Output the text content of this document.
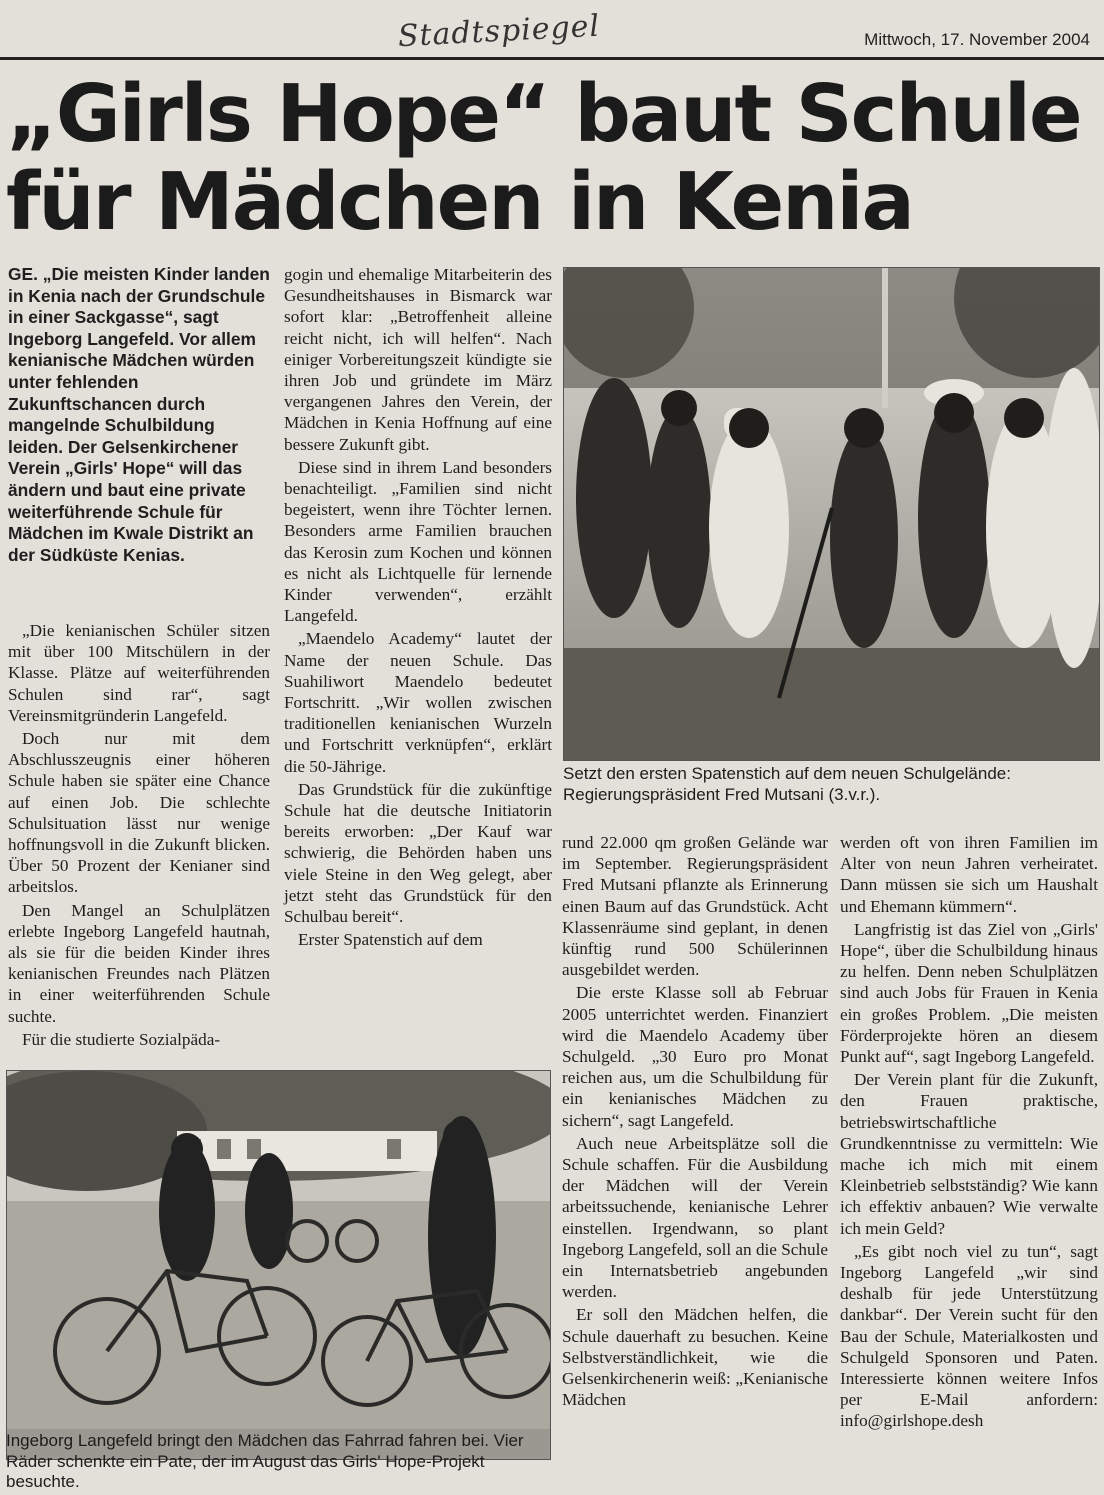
Stadtspiegel	Mittwoch, 17. November 2004
„Girls Hope“ baut Schule
für Mädchen in Kenia
GE. „Die meisten Kinder landen in Kenia nach der Grundschule in einer Sackgasse“, sagt Ingeborg Langefeld. Vor allem kenianische Mädchen würden unter fehlenden Zukunftschancen durch mangelnde Schulbildung leiden. Der Gelsenkirchener Verein „Girls' Hope“ will das ändern und baut eine private weiterführende Schule für Mädchen im Kwale Distrikt an der Südküste Kenias.

„Die kenianischen Schüler sitzen mit über 100 Mitschülern in der Klasse. Plätze auf weiterführenden Schulen sind rar“, sagt Vereinsmitgründerin Langefeld.

Doch nur mit dem Abschlusszeugnis einer höheren Schule haben sie später eine Chance auf einen Job. Die schlechte Schulsituation lässt nur wenige hoffnungsvoll in die Zukunft blicken. Über 50 Prozent der Kenianer sind arbeitslos.

Den Mangel an Schulplätzen erlebte Ingeborg Langefeld hautnah, als sie für die beiden Kinder ihres kenianischen Freundes nach Plätzen in einer weiterführenden Schule suchte.

Für die studierte Sozialpäda-

gogin und ehemalige Mitarbeiterin des Gesundheitshauses in Bismarck war sofort klar: „Betroffenheit alleine reicht nicht, ich will helfen“. Nach einiger Vorbereitungszeit kündigte sie ihren Job und gründete im März vergangenen Jahres den Verein, der Mädchen in Kenia Hoffnung auf eine bessere Zukunft gibt.

Diese sind in ihrem Land besonders benachteiligt. „Familien sind nicht begeistert, wenn ihre Töchter lernen. Besonders arme Familien brauchen das Kerosin zum Kochen und können es nicht als Lichtquelle für lernende Kinder verwenden“, erzählt Langefeld.

„Maendelo Academy“ lautet der Name der neuen Schule. Das Suahiliwort Maendelo bedeutet Fortschritt. „Wir wollen zwischen traditionellen kenianischen Wurzeln und Fortschritt verknüpfen“, erklärt die 50-Jährige.

Das Grundstück für die zukünftige Schule hat die deutsche Initiatorin bereits erworben: „Der Kauf war schwierig, die Behörden haben uns viele Steine in den Weg gelegt, aber jetzt steht das Grundstück für den Schulbau bereit“.

Erster Spatenstich auf dem

Setzt den ersten Spatenstich auf dem neuen Schulgelände: Regierungspräsident Fred Mutsani (3.v.r.).

rund 22.000 qm großen Gelände war im September. Regierungspräsident Fred Mutsani pflanzte als Erinnerung einen Baum auf das Grundstück. Acht Klassenräume sind geplant, in denen künftig rund 500 Schülerinnen ausgebildet werden.

Die erste Klasse soll ab Februar 2005 unterrichtet werden. Finanziert wird die Maendelo Academy über Schulgeld. „30 Euro pro Monat reichen aus, um die Schulbildung für ein kenianisches Mädchen zu sichern“, sagt Langefeld.

Auch neue Arbeitsplätze soll die Schule schaffen. Für die Ausbildung der Mädchen will der Verein arbeitssuchende, kenianische Lehrer einstellen. Irgendwann, so plant Ingeborg Langefeld, soll an die Schule ein Internatsbetrieb angebunden werden.

Er soll den Mädchen helfen, die Schule dauerhaft zu besuchen. Keine Selbstverständlichkeit, wie die Gelsenkirchenerin weiß: „Kenianische Mädchen

werden oft von ihren Familien im Alter von neun Jahren verheiratet. Dann müssen sie sich um Haushalt und Ehemann kümmern“.

Langfristig ist das Ziel von „Girls' Hope“, über die Schulbildung hinaus zu helfen. Denn neben Schulplätzen sind auch Jobs für Frauen in Kenia ein großes Problem. „Die meisten Förderprojekte hören an diesem Punkt auf“, sagt Ingeborg Langefeld.

Der Verein plant für die Zukunft, den Frauen praktische, betriebswirtschaftliche Grundkenntnisse zu vermitteln: Wie mache ich mich mit einem Kleinbetrieb selbstständig? Wie kann ich effektiv anbauen? Wie verwalte ich mein Geld?

„Es gibt noch viel zu tun“, sagt Ingeborg Langefeld „wir sind deshalb für jede Unterstützung dankbar“. Der Verein sucht für den Bau der Schule, Materialkosten und Schulgeld Sponsoren und Paten. Interessierte können weitere Infos per E-Mail anfordern: info@girlshope.desh

Ingeborg Langefeld bringt den Mädchen das Fahrrad fahren bei. Vier Räder schenkte ein Pate, der im August das Girls' Hope-Projekt besuchte.
